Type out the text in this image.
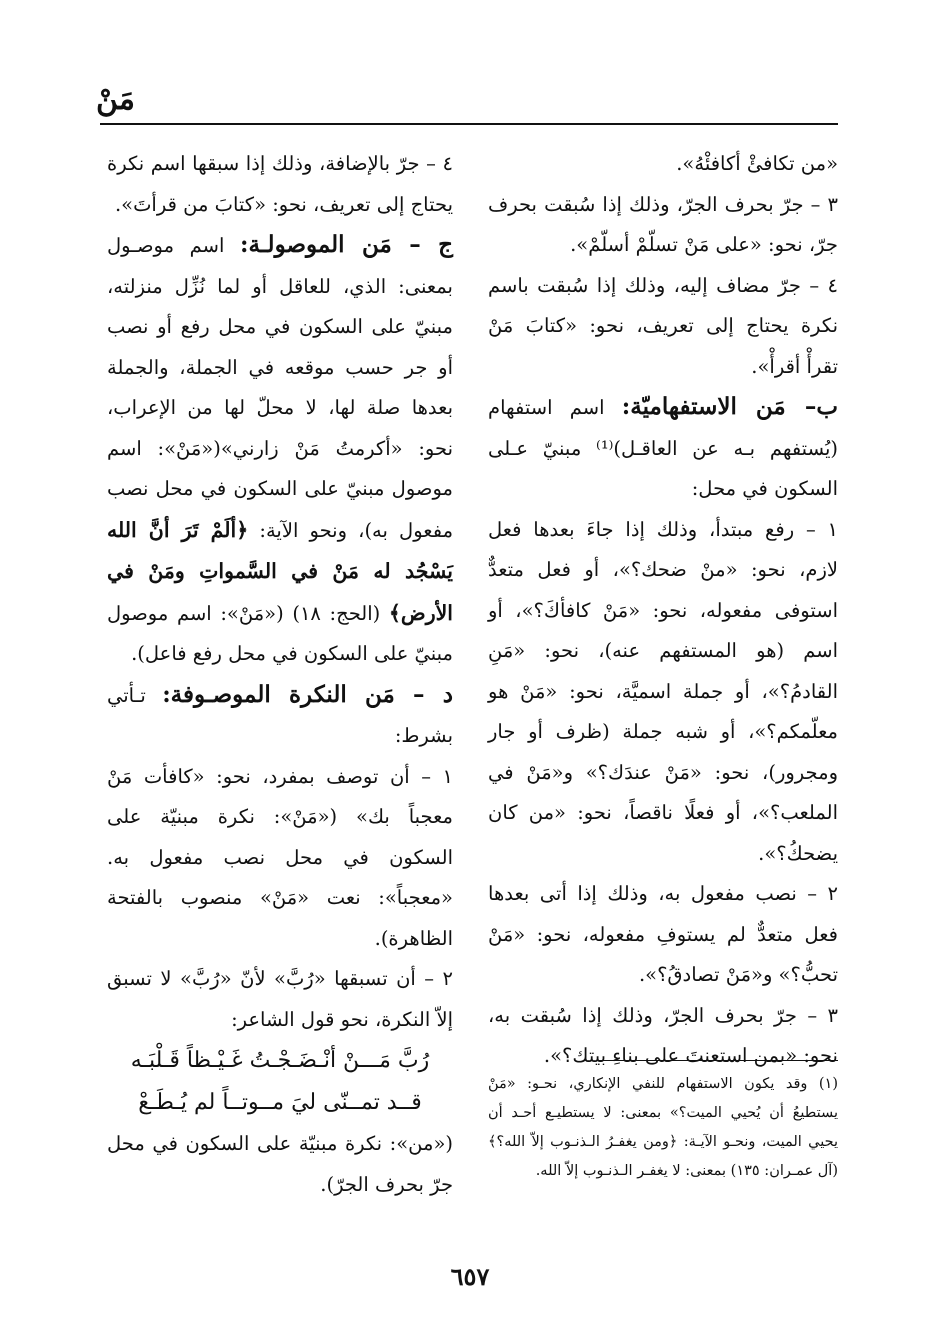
مَنْ

«من تكافئْ أكافئْهُ».

٣ – جرّ بحرف الجرّ، وذلك إذا سُبقت بحرف جرّ، نحو: «على مَنْ تسلّمْ أسلّمْ».

٤ – جرّ مضاف إليه، وذلك إذا سُبقت باسم نكرة يحتاج إلى تعريف، نحو: «كتابَ مَنْ تقرأْ أقرأْ».

ب– مَن الاستفهاميّة: اسم استفهام (يُستفهم بـه عن العاقـل)⁽¹⁾ مبنيّ عـلى السكون في محل:

١ – رفع مبتدأ، وذلك إذا جاءَ بعدها فعل لازم، نحو: «منْ ضحك؟»، أو فعل متعدٌّ استوفى مفعوله، نحو: «مَنْ كافأكَ؟»، أو اسم (هو المستفهم عنه)، نحو: «مَنِ القادمُ؟»، أو جملة اسميَّة، نحو: «مَنْ هو معلّمكم؟»، أو شبه جملة (ظرف أو جار ومجرور)، نحو: «مَنْ عندَك؟» و«مَنْ في الملعب؟»، أو فعلًا ناقصاً، نحو: «من كان يضحكُ؟».

٢ – نصب مفعول به، وذلك إذا أتى بعدها فعل متعدٌّ لم يستوفِ مفعوله، نحو: «مَنْ تحبُّ؟» و«مَنْ تصادقُ؟».

٣ – جرّ بحرف الجرّ، وذلك إذا سُبقت به، نحو: «بمن استعنتَ على بناءِ بيتك؟».

(١) وقد يكون الاستفهام للنفي الإنكاري، نحـو: «مَنْ يستطيعُ أن يُحيي الميت؟» بمعنى: لا يستطيـع أحـد أن يحيي الميت، ونحـو الآيـة: ﴿ومن يغفـرُ الـذنـوب إلاّ الله؟﴾(آل عمـران: ١٣٥) بمعنى: لا يغفـر الـذنـوب إلاّ الله.

٤ – جرّ بالإضافة، وذلك إذا سبقها اسم نكرة يحتاج إلى تعريف، نحو: «كتابَ من قرأتَ».

ج – مَن الموصولـة: اسم موصـول بمعنى: الذي، للعاقل أو لما نُزِّل منزلته، مبنيّ على السكون في محل رفع أو نصب أو جر حسب موقعه في الجملة، والجملة بعدها صلة لها، لا محلّ لها من الإعراب، نحو: «أكرمتُ مَنْ زارني»(«مَنْ»: اسم موصول مبنيّ على السكون في محل نصب مفعول به)، ونحو الآية: ﴿ألَمْ تَرَ أنَّ الله يَسْجُد له مَنْ في السَّمواتِ ومَنْ في الأرض﴾ (الحج: ١٨) («مَنْ»: اسم موصول مبنيّ على السكون في محل رفع فاعل).

د – مَن النكرة الموصـوفة: تـأتي بشرط:

١ – أن توصف بمفرد، نحو: «كافأت مَنْ معجباً بك» («مَنْ»: نكرة مبنيّة على السكون في محل نصب مفعول به. «معجباً»: نعت «مَنْ» منصوب بالفتحة الظاهرة).

٢ – أن تسبقها «رُبَّ» لأنّ «رُبَّ» لا تسبق إلاّ النكرة، نحو قول الشاعر:

رُبَّ مَـــنْ أنْـضَـجْـتُ غَـيْـظاً قَـلْبَـه

قــد تمــنّى ليَ مــوتــاً لم يُـطَـعْ

(«من»: نكرة مبنيّة على السكون في محل جرّ بحرف الجرّ).

٦٥٧
